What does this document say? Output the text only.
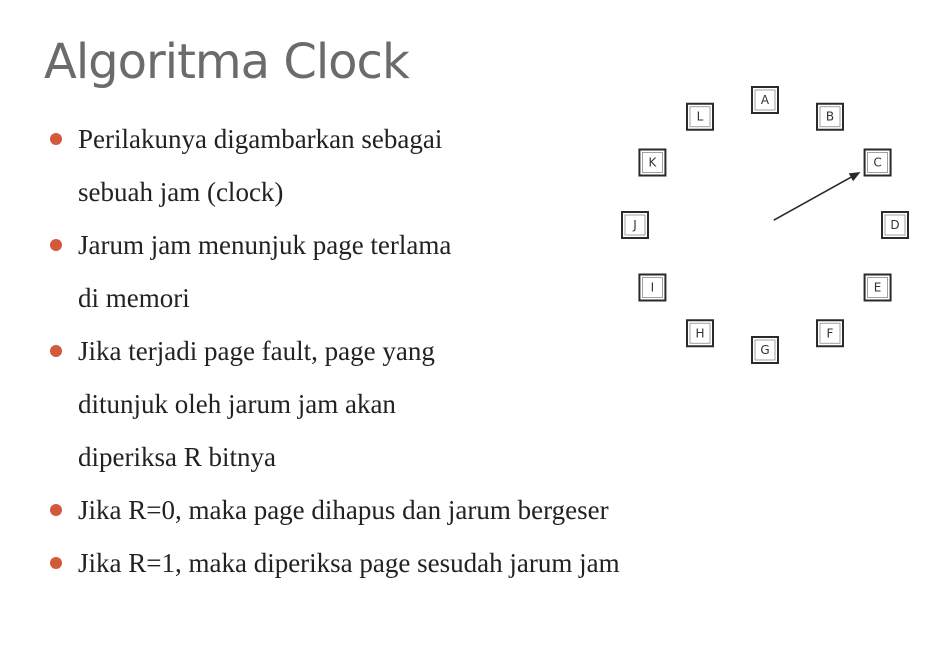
Algoritma Clock
Perilakunya digambarkan sebagai
sebuah jam (clock)
Jarum jam menunjuk page terlama
di memori
Jika terjadi page fault, page yang
ditunjuk oleh jarum jam akan
diperiksa R bitnya
Jika R=0, maka page dihapus dan jarum bergeser
Jika R=1, maka diperiksa page sesudah jarum jam
A
B
C
D
E
F
G
H
I
J
K
L
